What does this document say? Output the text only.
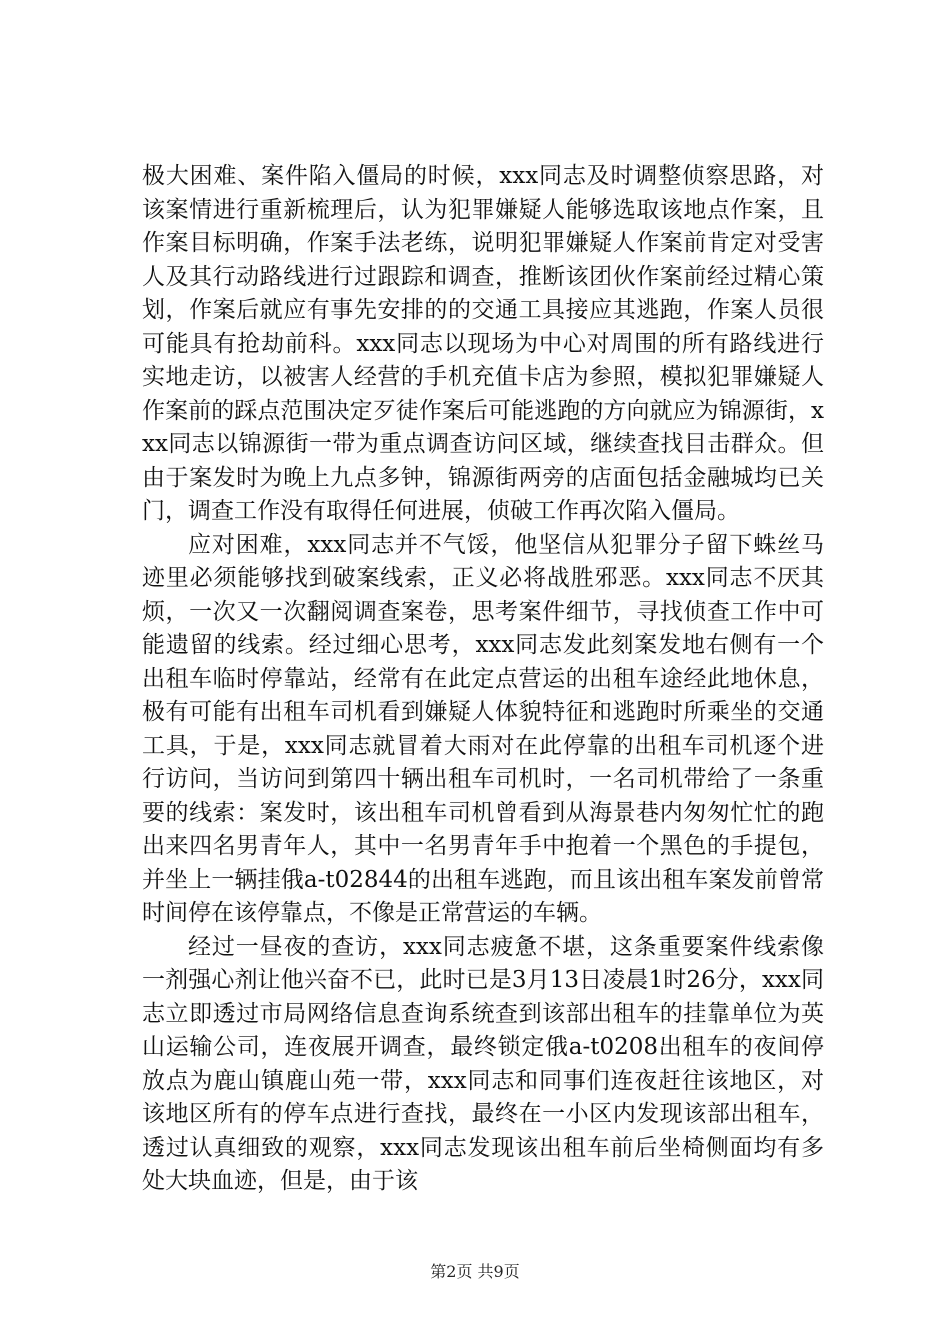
极大困难、案件陷入僵局的时候，xxx同志及时调整侦察思路，对该案情进行重新梳理后，认为犯罪嫌疑人能够选取该地点作案，且作案目标明确，作案手法老练，说明犯罪嫌疑人作案前肯定对受害人及其行动路线进行过跟踪和调查，推断该团伙作案前经过精心策划，作案后就应有事先安排的的交通工具接应其逃跑，作案人员很可能具有抢劫前科。xxx同志以现场为中心对周围的所有路线进行实地走访，以被害人经营的手机充值卡店为参照，模拟犯罪嫌疑人作案前的踩点范围决定歹徒作案后可能逃跑的方向就应为锦源街，xxx同志以锦源街一带为重点调查访问区域，继续查找目击群众。但由于案发时为晚上九点多钟，锦源街两旁的店面包括金融城均已关门，调查工作没有取得任何进展，侦破工作再次陷入僵局。

应对困难，xxx同志并不气馁，他坚信从犯罪分子留下蛛丝马迹里必须能够找到破案线索，正义必将战胜邪恶。xxx同志不厌其烦，一次又一次翻阅调查案卷，思考案件细节，寻找侦查工作中可能遗留的线索。经过细心思考，xxx同志发此刻案发地右侧有一个出租车临时停靠站，经常有在此定点营运的出租车途经此地休息，极有可能有出租车司机看到嫌疑人体貌特征和逃跑时所乘坐的交通工具，于是，xxx同志就冒着大雨对在此停靠的出租车司机逐个进行访问，当访问到第四十辆出租车司机时，一名司机带给了一条重要的线索：案发时，该出租车司机曾看到从海景巷内匆匆忙忙的跑出来四名男青年人，其中一名男青年手中抱着一个黑色的手提包，并坐上一辆挂俄a-t02844的出租车逃跑，而且该出租车案发前曾常时间停在该停靠点，不像是正常营运的车辆。

经过一昼夜的查访，xxx同志疲惫不堪，这条重要案件线索像一剂强心剂让他兴奋不已，此时已是3月13日凌晨1时26分，xxx同志立即透过市局网络信息查询系统查到该部出租车的挂靠单位为英山运输公司，连夜展开调查，最终锁定俄a-t0208出租车的夜间停放点为鹿山镇鹿山苑一带，xxx同志和同事们连夜赶往该地区，对该地区所有的停车点进行查找，最终在一小区内发现该部出租车，透过认真细致的观察，xxx同志发现该出租车前后坐椅侧面均有多处大块血迹，但是，由于该

第2页 共9页
